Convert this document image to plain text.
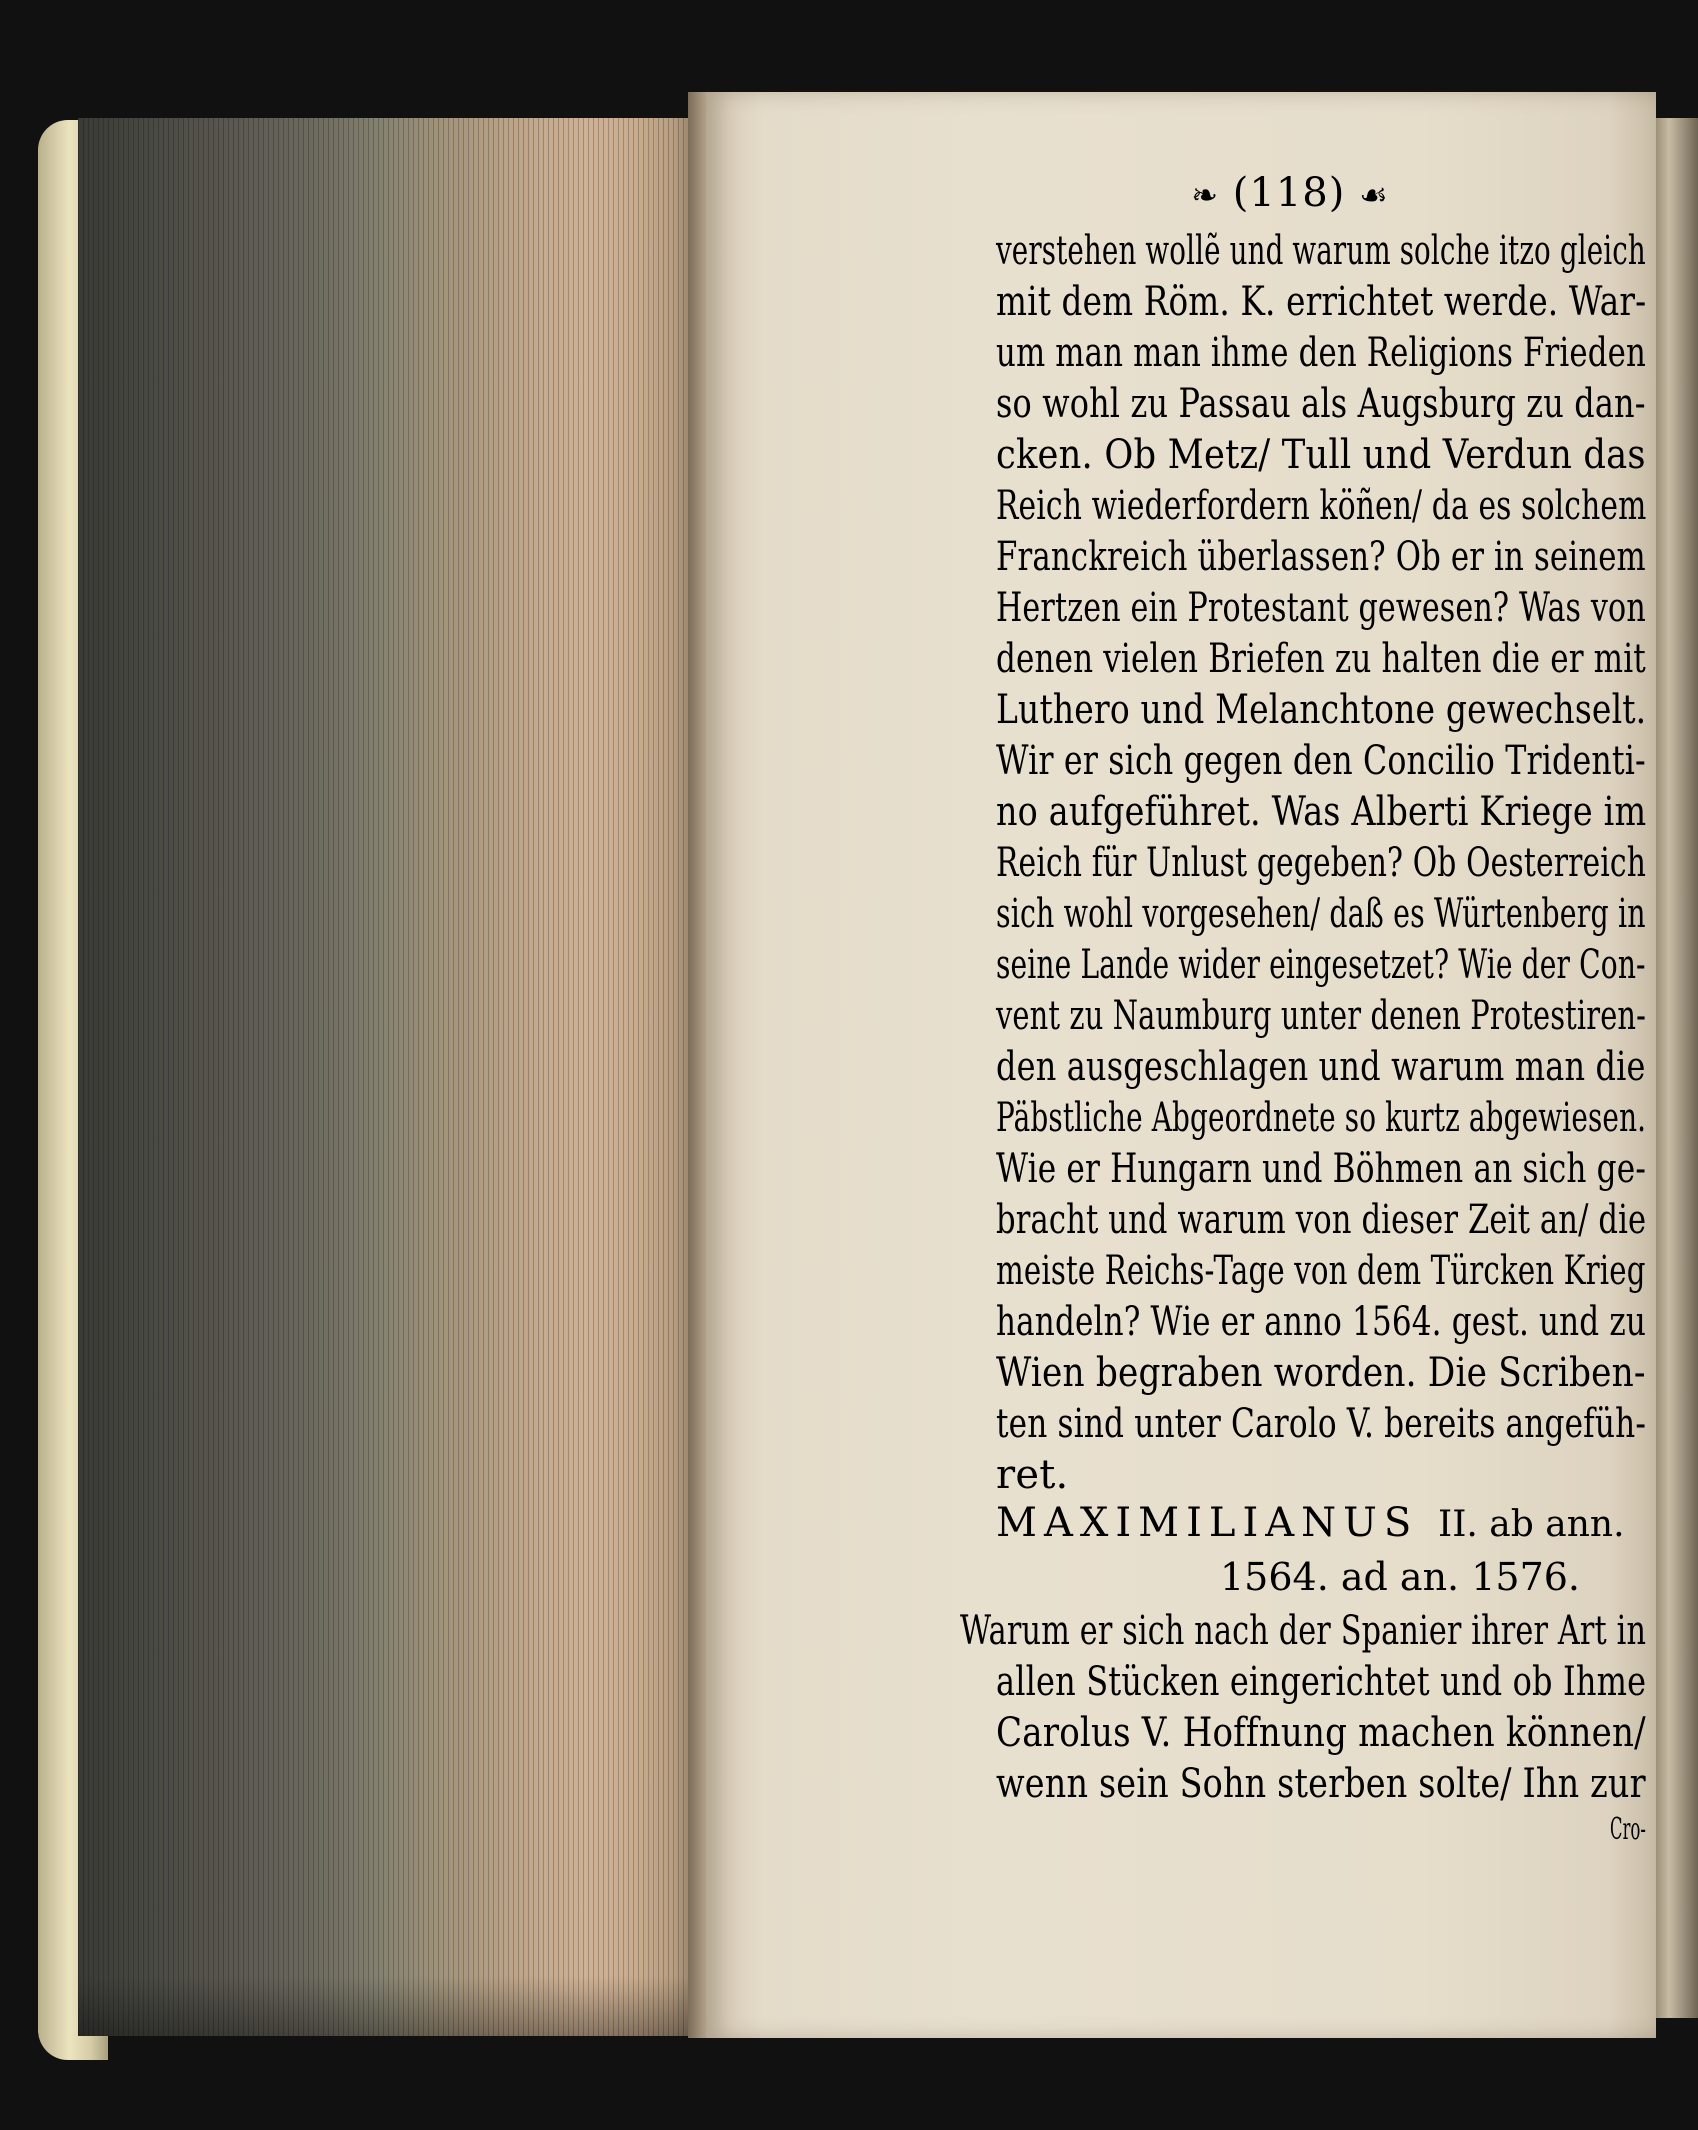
❧ (118) ☙
verstehen wollẽ und warum solche itzo gleich
mit dem Röm. K. errichtet werde. War-
um man man ihme den Religions Frieden
so wohl zu Passau als Augsburg zu dan-
cken. Ob Metz/ Tull und Verdun das
Reich wiederfordern köñen/ da es solchem
Franckreich überlassen? Ob er in seinem
Hertzen ein Protestant gewesen? Was von
denen vielen Briefen zu halten die er mit
Luthero und Melanchtone gewechselt.
Wir er sich gegen den Concilio Tridenti-
no aufgeführet. Was Alberti Kriege im
Reich für Unlust gegeben? Ob Oesterreich
sich wohl vorgesehen/ daß es Würtenberg in
seine Lande wider eingesetzet? Wie der Con-
vent zu Naumburg unter denen Protestiren-
den ausgeschlagen und warum man die
Päbstliche Abgeordnete so kurtz abgewiesen.
Wie er Hungarn und Böhmen an sich ge-
bracht und warum von dieser Zeit an/ die
meiste Reichs-Tage von dem Türcken Krieg
handeln? Wie er anno 1564. gest. und zu
Wien begraben worden. Die Scriben-
ten sind unter Carolo V. bereits angefüh-
ret.
MAXIMILIANUS II. ab ann.
1564. ad an. 1576.
Warum er sich nach der Spanier ihrer Art in
allen Stücken eingerichtet und ob Ihme
Carolus V. Hoffnung machen können/
wenn sein Sohn sterben solte/ Ihn zur
Cro-
